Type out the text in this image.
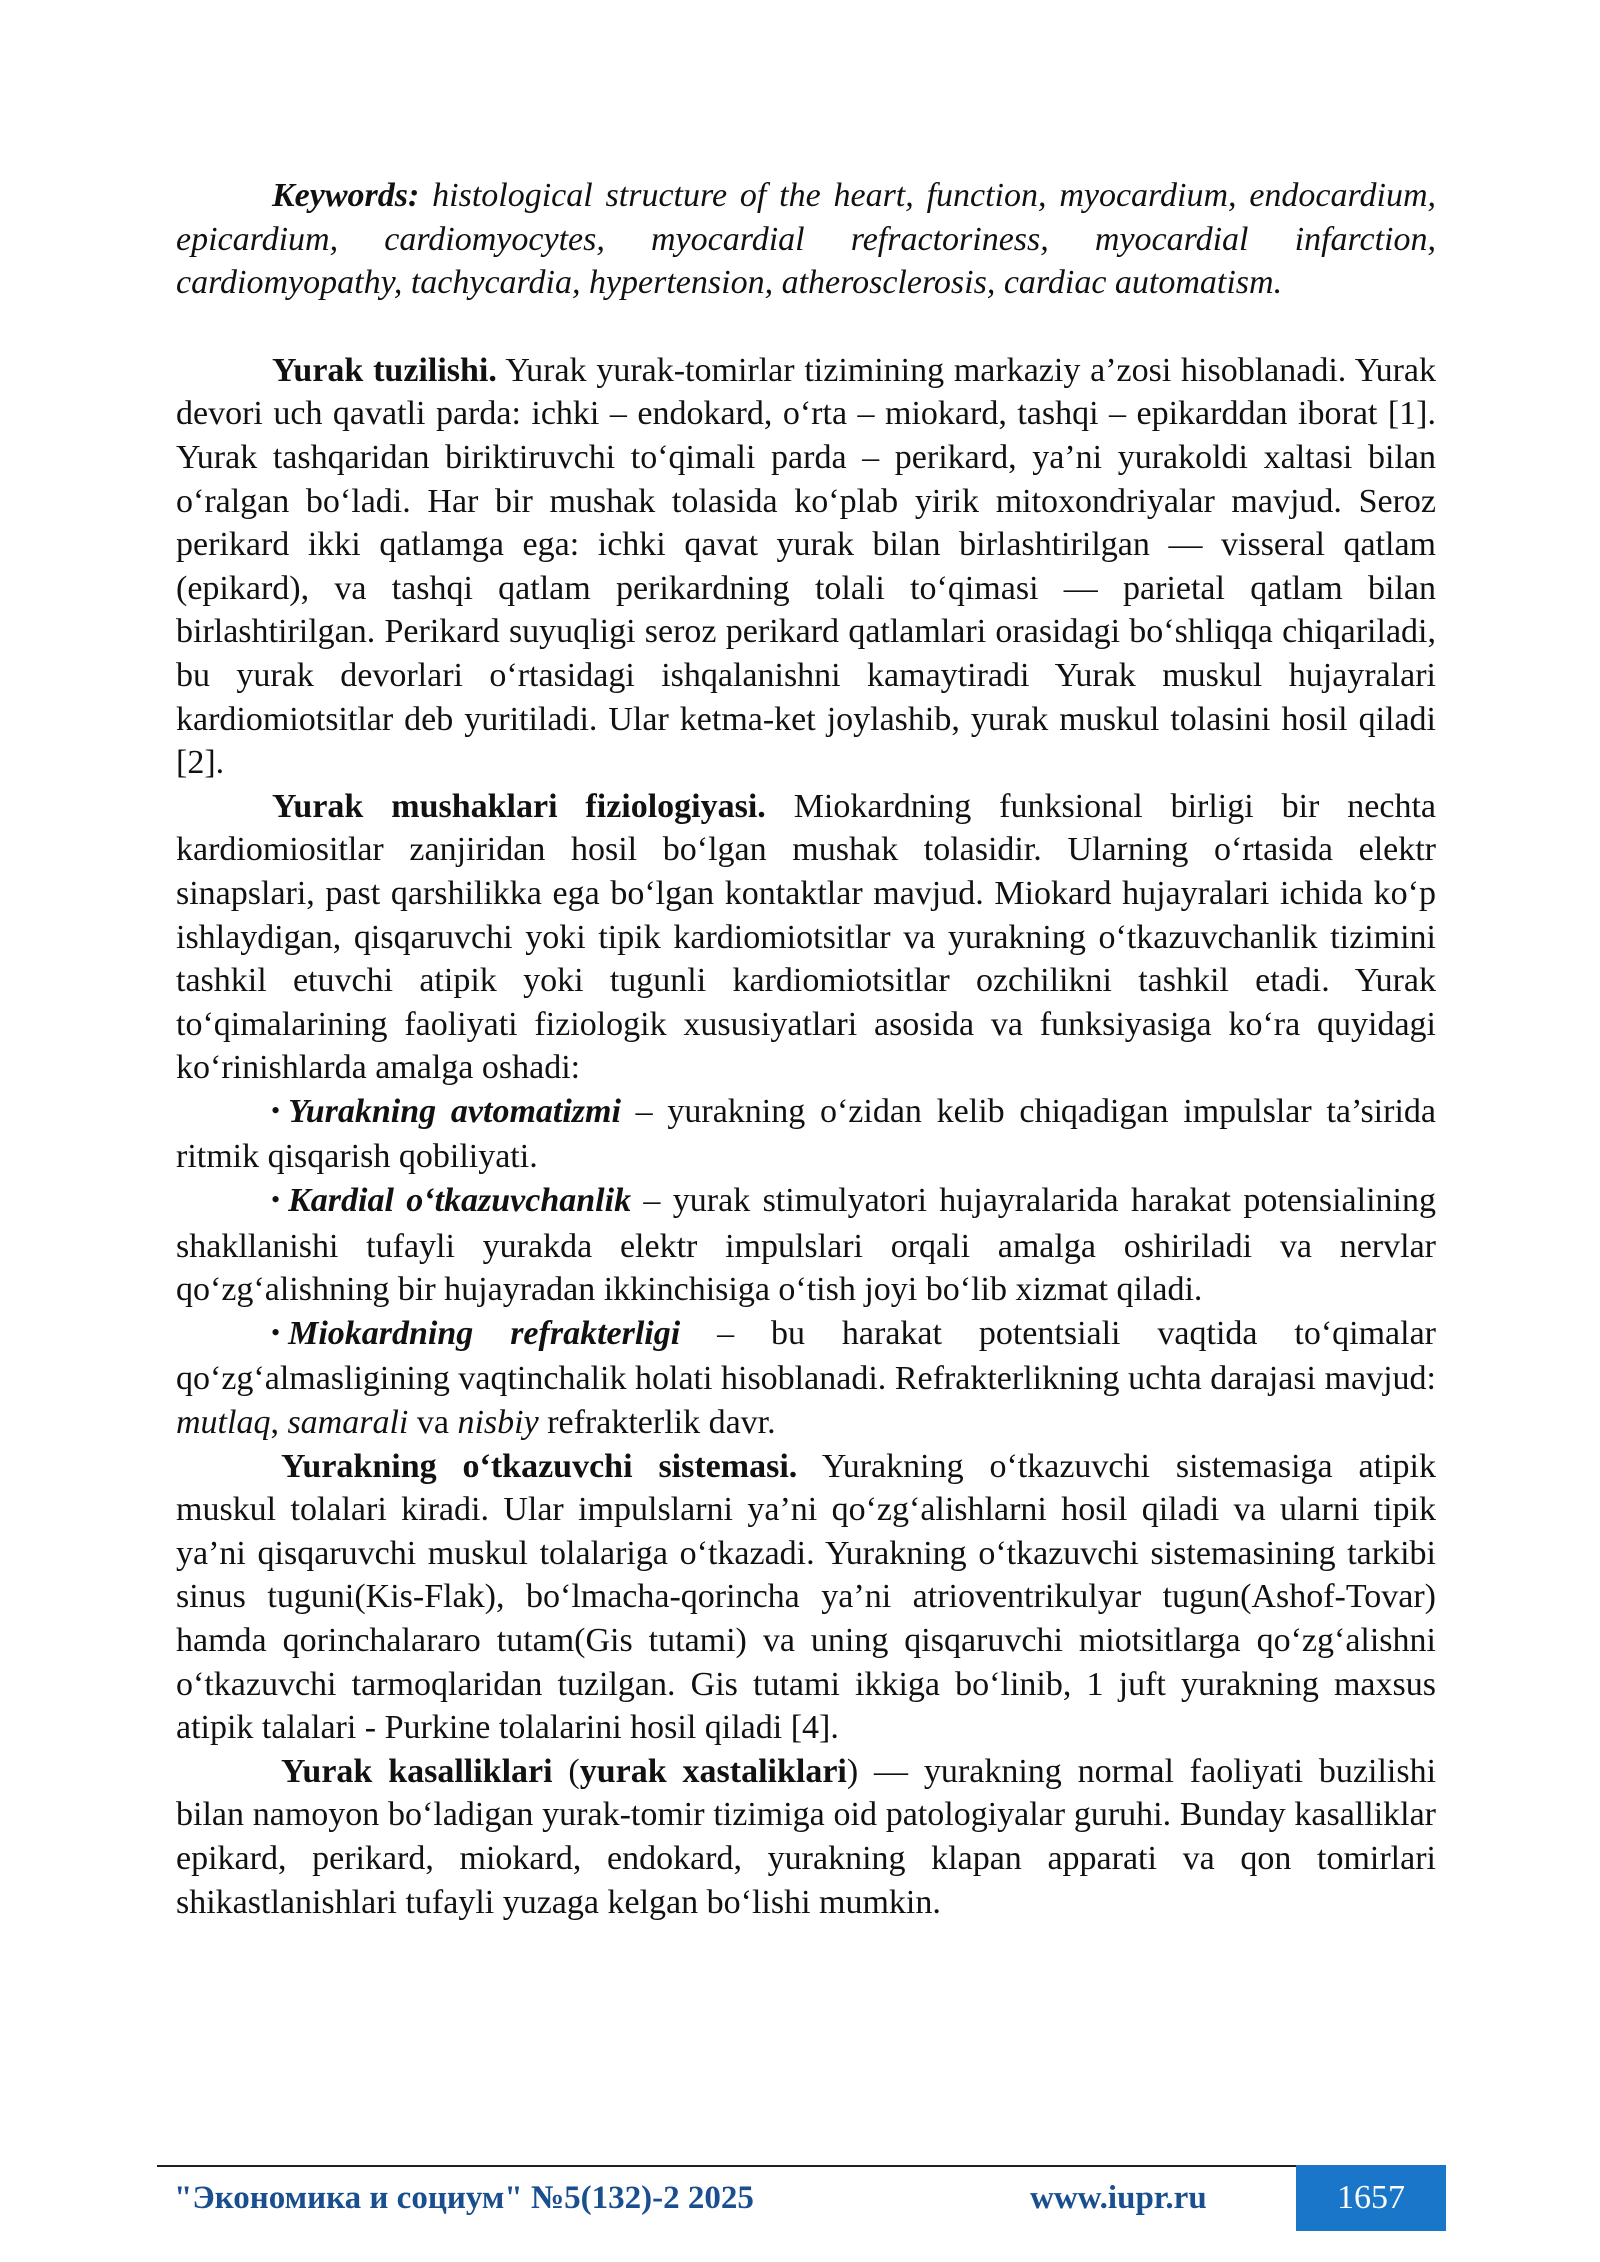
Keywords: histological structure of the heart, function, myocardium, endocardium, epicardium, cardiomyocytes, myocardial refractoriness, myocardial infarction, cardiomyopathy, tachycardia, hypertension, atherosclerosis, cardiac automatism.

Yurak tuzilishi. Yurak yurak-tomirlar tizimining markaziy a’zosi hisoblanadi. Yurak devori uch qavatli parda: ichki – endokard, o‘rta – miokard, tashqi – epikarddan iborat [1]. Yurak tashqaridan biriktiruvchi to‘qimali parda – perikard, ya’ni yurakoldi xaltasi bilan o‘ralgan bo‘ladi. Har bir mushak tolasida ko‘plab yirik mitoxondriyalar mavjud. Seroz perikard ikki qatlamga ega: ichki qavat yurak bilan birlashtirilgan — visseral qatlam (epikard), va tashqi qatlam perikardning tolali to‘qimasi — parietal qatlam bilan birlashtirilgan. Perikard suyuqligi seroz perikard qatlamlari orasidagi bo‘shliqqa chiqariladi, bu yurak devorlari o‘rtasidagi ishqalanishni kamaytiradi Yurak muskul hujayralari kardiomiotsitlar deb yuritiladi. Ular ketma-ket joylashib, yurak muskul tolasini hosil qiladi [2].

Yurak mushaklari fiziologiyasi. Miokardning funksional birligi bir nechta kardiomiositlar zanjiridan hosil bo‘lgan mushak tolasidir. Ularning o‘rtasida elektr sinapslari, past qarshilikka ega bo‘lgan kontaktlar mavjud. Miokard hujayralari ichida ko‘p ishlaydigan, qisqaruvchi yoki tipik kardiomiotsitlar va yurakning o‘tkazuvchanlik tizimini tashkil etuvchi atipik yoki tugunli kardiomiotsitlar ozchilikni tashkil etadi. Yurak to‘qimalarining faoliyati fiziologik xususiyatlari asosida va funksiyasiga ko‘ra quyidagi ko‘rinishlarda amalga oshadi:

• Yurakning avtomatizmi – yurakning o‘zidan kelib chiqadigan impulslar ta’sirida ritmik qisqarish qobiliyati.

• Kardial o‘tkazuvchanlik – yurak stimulyatori hujayralarida harakat potensialining shakllanishi tufayli yurakda elektr impulslari orqali amalga oshiriladi va nervlar qo‘zg‘alishning bir hujayradan ikkinchisiga o‘tish joyi bo‘lib xizmat qiladi.

• Miokardning refrakterligi – bu harakat potentsiali vaqtida to‘qimalar qo‘zg‘almasligining vaqtinchalik holati hisoblanadi. Refrakterlikning uchta darajasi mavjud: mutlaq, samarali va nisbiy refrakterlik davr.

Yurakning o‘tkazuvchi sistemasi. Yurakning o‘tkazuvchi sistemasiga atipik muskul tolalari kiradi. Ular impulslarni ya’ni qo‘zg‘alishlarni hosil qiladi va ularni tipik ya’ni qisqaruvchi muskul tolalariga o‘tkazadi. Yurakning o‘tkazuvchi sistemasining tarkibi sinus tuguni(Kis-Flak), bo‘lmacha-qorincha ya’ni atrioventrikulyar tugun(Ashof-Tovar) hamda qorinchalararo tutam(Gis tutami) va uning qisqaruvchi miotsitlarga qo‘zg‘alishni o‘tkazuvchi tarmoqlaridan tuzilgan. Gis tutami ikkiga bo‘linib, 1 juft yurakning maxsus atipik talalari - Purkine tolalarini hosil qiladi [4].

Yurak kasalliklari (yurak xastaliklari) — yurakning normal faoliyati buzilishi bilan namoyon bo‘ladigan yurak-tomir tizimiga oid patologiyalar guruhi. Bunday kasalliklar epikard, perikard, miokard, endokard, yurakning klapan apparati va qon tomirlari shikastlanishlari tufayli yuzaga kelgan bo‘lishi mumkin.

"Экономика и социум" №5(132)-2 2025	www.iupr.ru	1657
